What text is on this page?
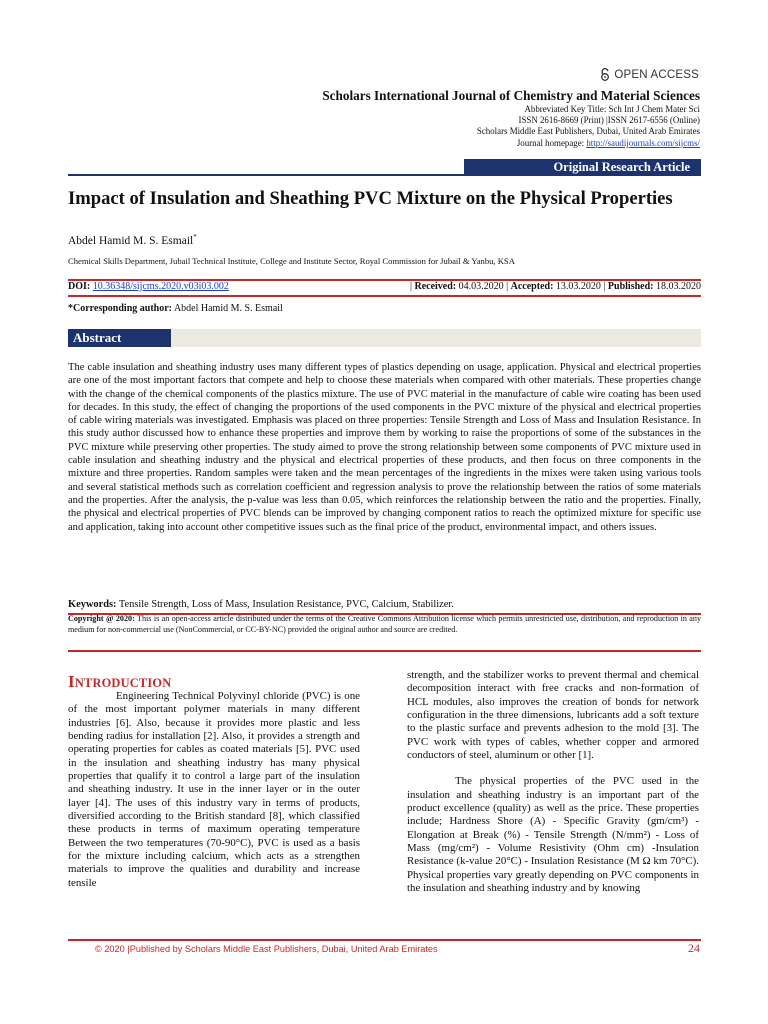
OPEN ACCESS
Scholars International Journal of Chemistry and Material Sciences
Abbreviated Key Title: Sch Int J Chem Mater Sci
ISSN 2616-8669 (Print) |ISSN 2617-6556 (Online)
Scholars Middle East Publishers, Dubai, United Arab Emirates
Journal homepage: http://saudijournals.com/sijcms/
Original Research Article
Impact of Insulation and Sheathing PVC Mixture on the Physical Properties
Abdel Hamid M. S. Esmail*
Chemical Skills Department, Jubail Technical Institute, College and Institute Sector, Royal Commission for Jubail & Yanbu, KSA
DOI: 10.36348/sijcms.2020.v03i03.002	| Received: 04.03.2020 | Accepted: 13.03.2020 | Published: 18.03.2020
*Corresponding author: Abdel Hamid M. S. Esmail
Abstract
The cable insulation and sheathing industry uses many different types of plastics depending on usage, application. Physical and electrical properties are one of the most important factors that compete and help to choose these materials when compared with other materials. These properties change with the change of the chemical components of the plastics mixture. The use of PVC material in the manufacture of cable wire coating has been used for decades. In this study, the effect of changing the proportions of the used components in the PVC mixture of the physical and electrical properties of cable wiring materials was investigated. Emphasis was placed on three properties: Tensile Strength and Loss of Mass and Insulation Resistance. In this study author discussed how to enhance these properties and improve them by working to raise the proportions of some of the substances in the PVC mixture while preserving other properties. The study aimed to prove the strong relationship between some components of PVC mixture used in cable insulation and sheathing industry and the physical and electrical properties of these products, and then focus on three components in the mixture and three properties. Random samples were taken and the mean percentages of the ingredients in the mixes were taken using various tools and several statistical methods such as correlation coefficient and regression analysis to prove the relationship between the ratios of some materials and the properties. After the analysis, the p-value was less than 0.05, which reinforces the relationship between the ratio and the properties. Finally, the physical and electrical properties of PVC blends can be improved by changing component ratios to reach the optimized mixture for specific use and application, taking into account other competitive issues such as the final price of the product, environmental impact, and others issues.
Keywords: Tensile Strength, Loss of Mass, Insulation Resistance, PVC, Calcium, Stabilizer.
Copyright @ 2020: This is an open-access article distributed under the terms of the Creative Commons Attribution license which permits unrestricted use, distribution, and reproduction in any medium for non-commercial use (NonCommercial, or CC-BY-NC) provided the original author and source are credited.
INTRODUCTION

Engineering Technical Polyvinyl chloride (PVC) is one of the most important polymer materials in many different industries [6]. Also, because it provides more plastic and less bending radius for installation [2]. Also, it provides a strength and operating properties for cables as coated materials [5]. PVC used in the insulation and sheathing industry has many physical properties that qualify it to control a large part of the insulation and sheathing industry. It use in the inner layer or in the outer layer [4]. The uses of this industry vary in terms of products, diversified according to the British standard [8], which classified these products in terms of maximum operating temperature Between the two temperatures (70-90°C), PVC is used as a basis for the mixture including calcium, which acts as a strengthen materials to improve the qualities and durability and increase tensile

strength, and the stabilizer works to prevent thermal and chemical decomposition interact with free cracks and non-formation of HCL modules, also improves the creation of bonds for network configuration in the three dimensions, lubricants add a soft texture to the plastic surface and prevents adhesion to the mold [3]. The PVC work with types of cables, whether copper and armored conductors of steel, aluminum or other [1].

The physical properties of the PVC used in the insulation and sheathing industry is an important part of the product excellence (quality) as well as the price. These properties include; Hardness Shore (A) - Specific Gravity (gm/cm³) - Elongation at Break (%) - Tensile Strength (N/mm²) - Loss of Mass (mg/cm²) - Volume Resistivity (Ohm cm) -Insulation Resistance (k-value 20°C) - Insulation Resistance (M Ω km 70°C). Physical properties vary greatly depending on PVC components in the insulation and sheathing industry and by knowing

© 2020 |Published by Scholars Middle East Publishers, Dubai, United Arab Emirates	24
